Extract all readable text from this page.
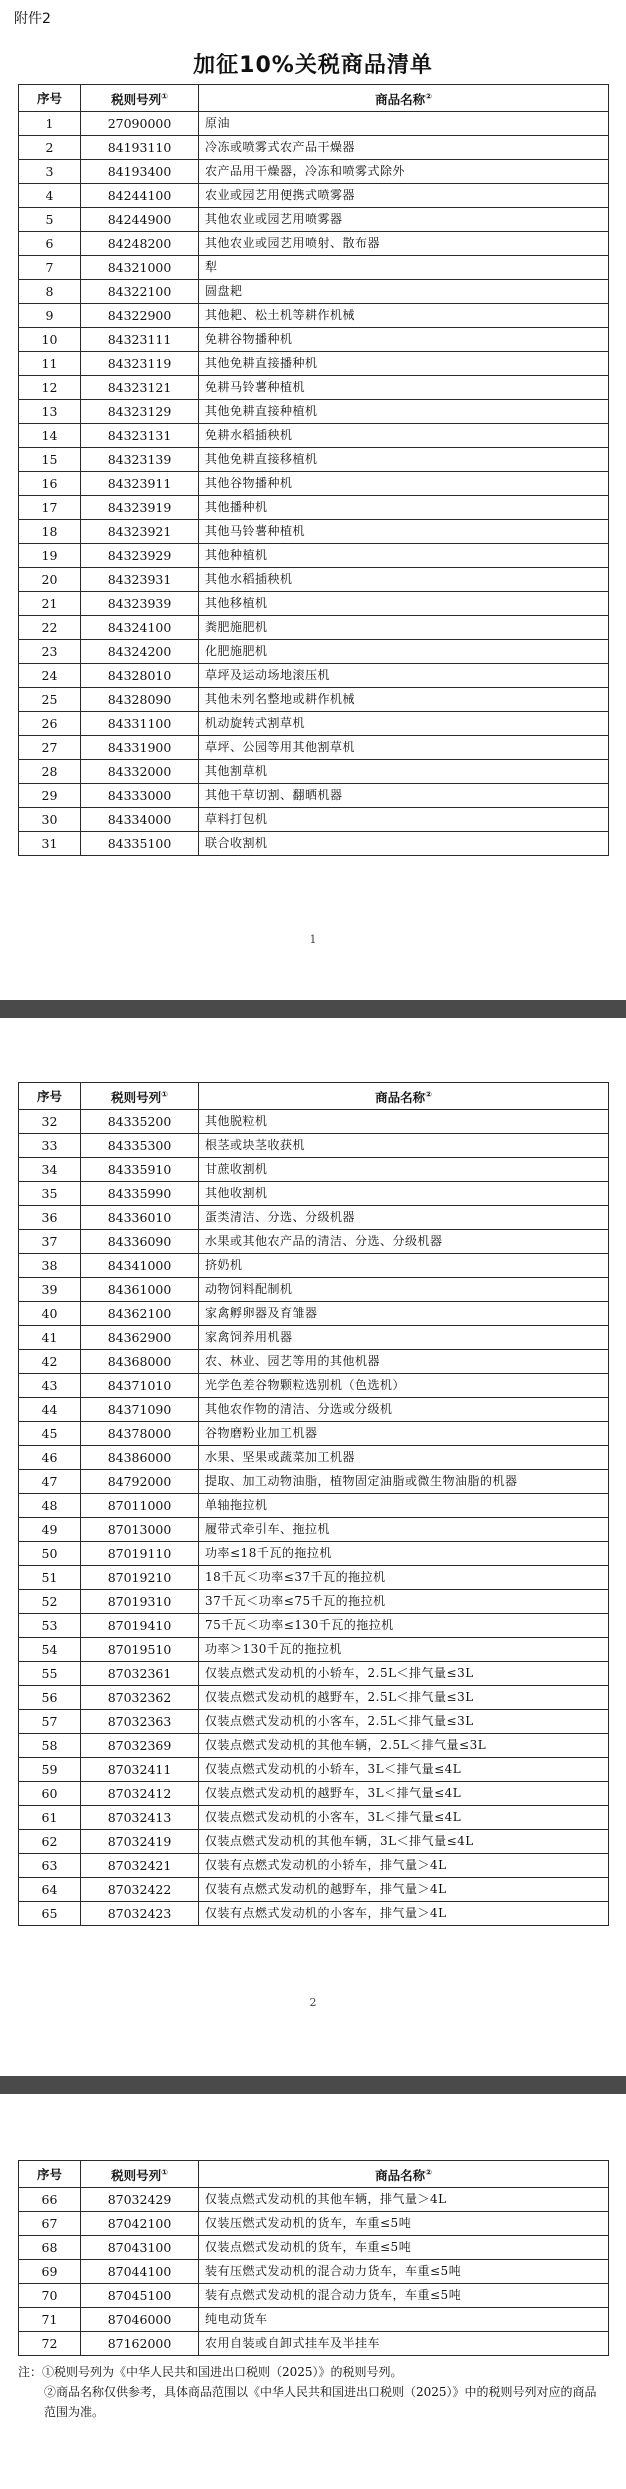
附件2
加征10%关税商品清单
序号	税则号列①	商品名称②
1	27090000	原油
2	84193110	冷冻或喷雾式农产品干燥器
3	84193400	农产品用干燥器，冷冻和喷雾式除外
4	84244100	农业或园艺用便携式喷雾器
5	84244900	其他农业或园艺用喷雾器
6	84248200	其他农业或园艺用喷射、散布器
7	84321000	犁
8	84322100	圆盘耙
9	84322900	其他耙、松土机等耕作机械
10	84323111	免耕谷物播种机
11	84323119	其他免耕直接播种机
12	84323121	免耕马铃薯种植机
13	84323129	其他免耕直接种植机
14	84323131	免耕水稻插秧机
15	84323139	其他免耕直接移植机
16	84323911	其他谷物播种机
17	84323919	其他播种机
18	84323921	其他马铃薯种植机
19	84323929	其他种植机
20	84323931	其他水稻插秧机
21	84323939	其他移植机
22	84324100	粪肥施肥机
23	84324200	化肥施肥机
24	84328010	草坪及运动场地滚压机
25	84328090	其他未列名整地或耕作机械
26	84331100	机动旋转式割草机
27	84331900	草坪、公园等用其他割草机
28	84332000	其他割草机
29	84333000	其他干草切割、翻晒机器
30	84334000	草料打包机
31	84335100	联合收割机
1
序号	税则号列①	商品名称②
32	84335200	其他脱粒机
33	84335300	根茎或块茎收获机
34	84335910	甘蔗收割机
35	84335990	其他收割机
36	84336010	蛋类清洁、分选、分级机器
37	84336090	水果或其他农产品的清洁、分选、分级机器
38	84341000	挤奶机
39	84361000	动物饲料配制机
40	84362100	家禽孵卵器及育雏器
41	84362900	家禽饲养用机器
42	84368000	农、林业、园艺等用的其他机器
43	84371010	光学色差谷物颗粒选别机（色选机）
44	84371090	其他农作物的清洁、分选或分级机
45	84378000	谷物磨粉业加工机器
46	84386000	水果、坚果或蔬菜加工机器
47	84792000	提取、加工动物油脂，植物固定油脂或微生物油脂的机器
48	87011000	单轴拖拉机
49	87013000	履带式牵引车、拖拉机
50	87019110	功率≤18千瓦的拖拉机
51	87019210	18千瓦＜功率≤37千瓦的拖拉机
52	87019310	37千瓦＜功率≤75千瓦的拖拉机
53	87019410	75千瓦＜功率≤130千瓦的拖拉机
54	87019510	功率＞130千瓦的拖拉机
55	87032361	仅装点燃式发动机的小轿车，2.5L＜排气量≤3L
56	87032362	仅装点燃式发动机的越野车，2.5L＜排气量≤3L
57	87032363	仅装点燃式发动机的小客车，2.5L＜排气量≤3L
58	87032369	仅装点燃式发动机的其他车辆，2.5L＜排气量≤3L
59	87032411	仅装点燃式发动机的小轿车，3L＜排气量≤4L
60	87032412	仅装点燃式发动机的越野车，3L＜排气量≤4L
61	87032413	仅装点燃式发动机的小客车，3L＜排气量≤4L
62	87032419	仅装点燃式发动机的其他车辆，3L＜排气量≤4L
63	87032421	仅装有点燃式发动机的小轿车，排气量＞4L
64	87032422	仅装有点燃式发动机的越野车，排气量＞4L
65	87032423	仅装有点燃式发动机的小客车，排气量＞4L
2
序号	税则号列①	商品名称②
66	87032429	仅装点燃式发动机的其他车辆，排气量＞4L
67	87042100	仅装压燃式发动机的货车，车重≤5吨
68	87043100	仅装点燃式发动机的货车，车重≤5吨
69	87044100	装有压燃式发动机的混合动力货车，车重≤5吨
70	87045100	装有点燃式发动机的混合动力货车，车重≤5吨
71	87046000	纯电动货车
72	87162000	农用自装或自卸式挂车及半挂车

注：①税则号列为《中华人民共和国进出口税则（2025）》的税则号列。

②商品名称仅供参考，具体商品范围以《中华人民共和国进出口税则（2025）》中的税则号列对应的商品范围为准。
